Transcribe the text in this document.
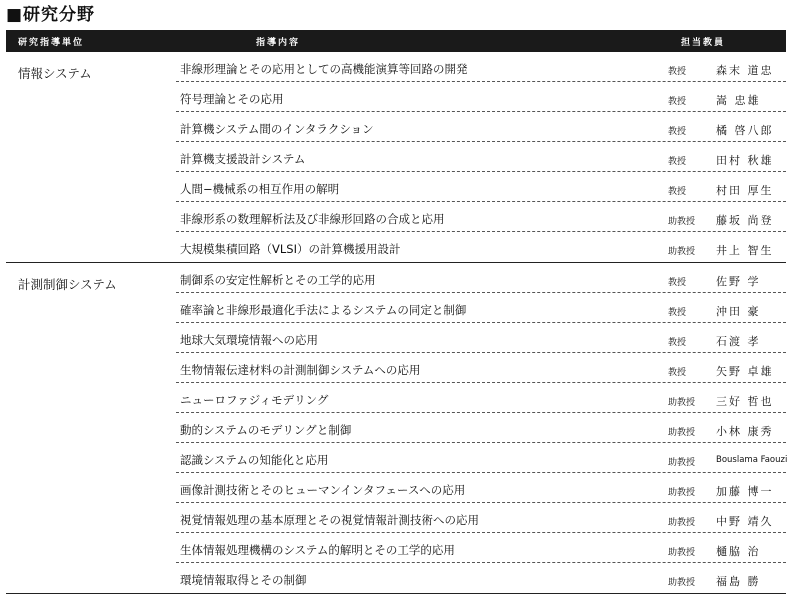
■研究分野
研究指導単位	指導内容	担当教員
情報システム	非線形理論とその応用としての高機能演算等回路の開発	教授	森末 道忠
符号理論とその応用	教授	嵩 忠雄
計算機システム間のインタラクション	教授	橘 啓八郎
計算機支援設計システム	教授	田村 秋雄
人間−機械系の相互作用の解明	教授	村田 厚生
非線形系の数理解析法及び非線形回路の合成と応用	助教授 藤坂 尚登
大規模集積回路（VLSI）の計算機援用設計	助教授 井上 智生
計測制御システム	制御系の安定性解析とその工学的応用	教授	佐野 学
確率論と非線形最適化手法によるシステムの同定と制御	教授	沖田 豪
地球大気環境情報への応用	教授	石渡 孝
生物情報伝達材料の計測制御システムへの応用	教授	矢野 卓雄
ニューロファジィモデリング	助教授 三好 哲也
動的システムのモデリングと制御	助教授 小林 康秀
認識システムの知能化と応用	助教授 Bouslama Faouzi
画像計測技術とそのヒューマンインタフェースへの応用	助教授 加藤 博一
視覚情報処理の基本原理とその視覚情報計測技術への応用	助教授 中野 靖久
生体情報処理機構のシステム的解明とその工学的応用	助教授 樋脇 治
環境情報取得とその制御	助教授 福島 勝
